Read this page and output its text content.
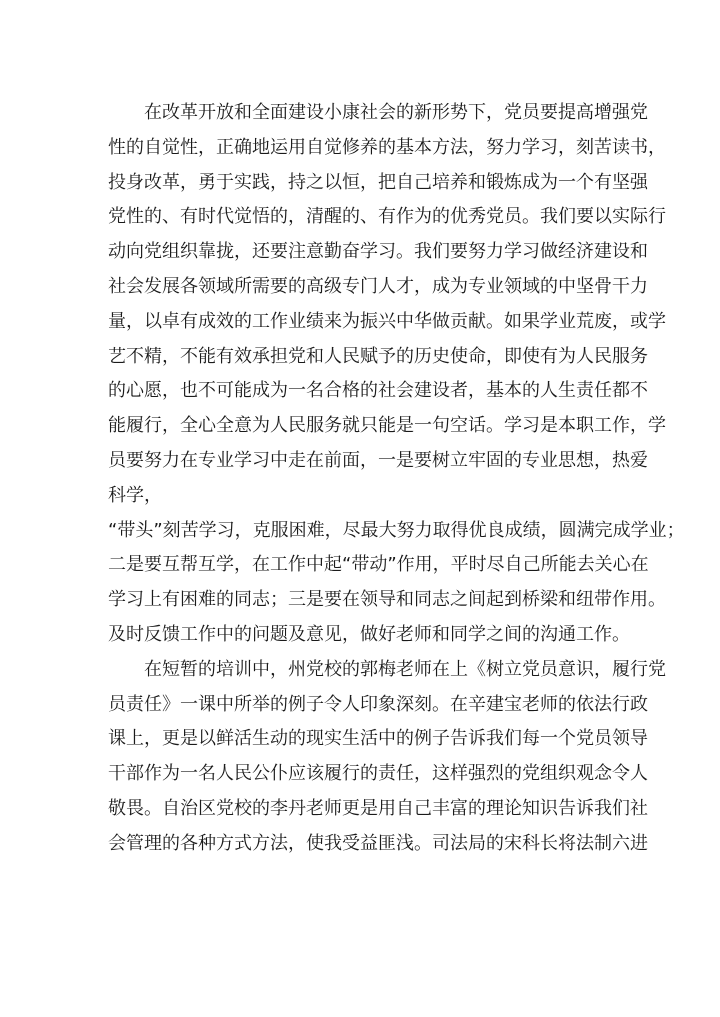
在改革开放和全面建设小康社会的新形势下，党员要提高增强党
性的自觉性，正确地运用自觉修养的基本方法，努力学习，刻苦读书，
投身改革，勇于实践，持之以恒，把自己培养和锻炼成为一个有坚强
党性的、有时代觉悟的，清醒的、有作为的优秀党员。我们要以实际行
动向党组织靠拢，还要注意勤奋学习。我们要努力学习做经济建设和
社会发展各领域所需要的高级专门人才，成为专业领域的中坚骨干力
量，以卓有成效的工作业绩来为振兴中华做贡献。如果学业荒废，或学
艺不精，不能有效承担党和人民赋予的历史使命，即使有为人民服务
的心愿，也不可能成为一名合格的社会建设者，基本的人生责任都不
能履行，全心全意为人民服务就只能是一句空话。学习是本职工作，学
员要努力在专业学习中走在前面，一是要树立牢固的专业思想，热爱
科学，
“带头”刻苦学习，克服困难，尽最大努力取得优良成绩，圆满完成学业；
二是要互帮互学，在工作中起“带动”作用，平时尽自己所能去关心在
学习上有困难的同志；三是要在领导和同志之间起到桥梁和纽带作用。
及时反馈工作中的问题及意见，做好老师和同学之间的沟通工作。
在短暂的培训中，州党校的郭梅老师在上《树立党员意识，履行党
员责任》一课中所举的例子令人印象深刻。在辛建宝老师的依法行政
课上，更是以鲜活生动的现实生活中的例子告诉我们每一个党员领导
干部作为一名人民公仆应该履行的责任，这样强烈的党组织观念令人
敬畏。自治区党校的李丹老师更是用自己丰富的理论知识告诉我们社
会管理的各种方式方法，使我受益匪浅。司法局的宋科长将法制六进
